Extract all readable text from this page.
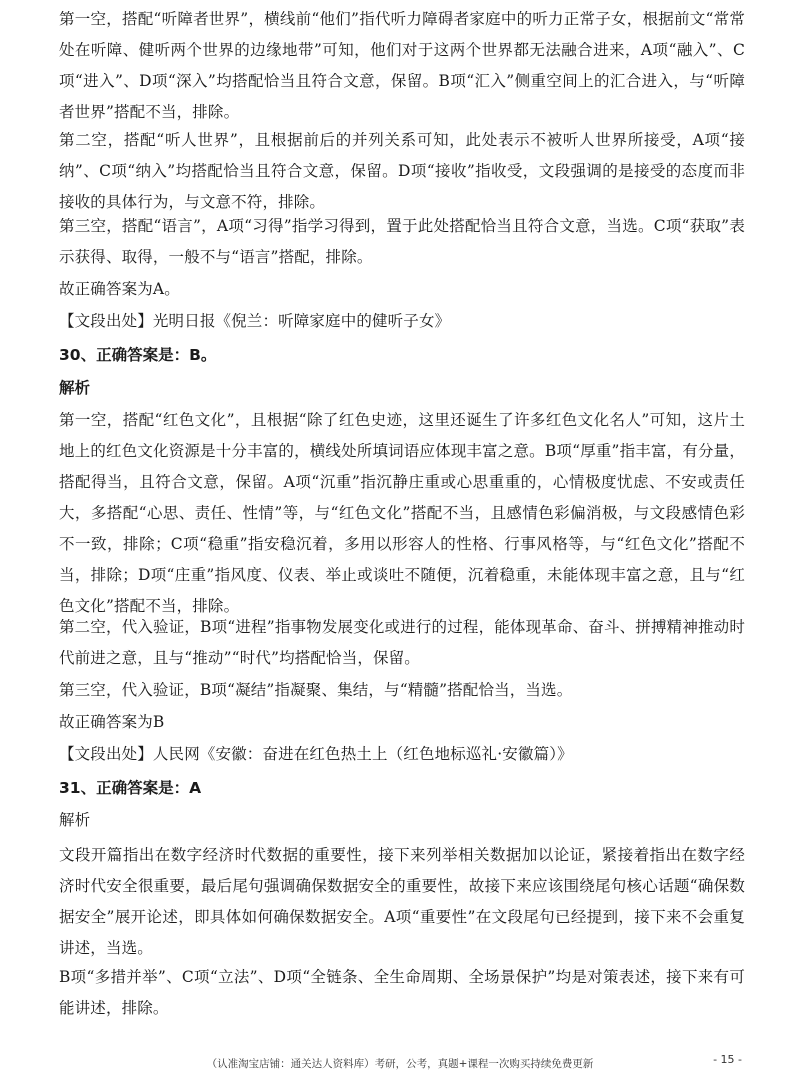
第一空，搭配“听障者世界”，横线前“他们”指代听力障碍者家庭中的听力正常子女，根据前文“常常处在听障、健听两个世界的边缘地带”可知，他们对于这两个世界都无法融合进来，A项“融入”、C项“进入”、D项“深入”均搭配恰当且符合文意，保留。B项“汇入”侧重空间上的汇合进入，与“听障者世界”搭配不当，排除。

第二空，搭配“听人世界”，且根据前后的并列关系可知，此处表示不被听人世界所接受，A项“接纳”、C项“纳入”均搭配恰当且符合文意，保留。D项“接收”指收受，文段强调的是接受的态度而非接收的具体行为，与文意不符，排除。

第三空，搭配“语言”，A项“习得”指学习得到，置于此处搭配恰当且符合文意，当选。C项“获取”表示获得、取得，一般不与“语言”搭配，排除。

故正确答案为A。

【文段出处】光明日报《倪兰：听障家庭中的健听子女》

30、正确答案是：B。

解析

第一空，搭配“红色文化”，且根据“除了红色史迹，这里还诞生了许多红色文化名人”可知，这片土地上的红色文化资源是十分丰富的，横线处所填词语应体现丰富之意。B项“厚重”指丰富，有分量，搭配得当，且符合文意，保留。A项“沉重”指沉静庄重或心思重重的，心情极度忧虑、不安或责任大，多搭配“心思、责任、性情”等，与“红色文化”搭配不当，且感情色彩偏消极，与文段感情色彩不一致，排除；C项“稳重”指安稳沉着，多用以形容人的性格、行事风格等，与“红色文化”搭配不当，排除；D项“庄重”指风度、仪表、举止或谈吐不随便，沉着稳重，未能体现丰富之意，且与“红色文化”搭配不当，排除。

第二空，代入验证，B项“进程”指事物发展变化或进行的过程，能体现革命、奋斗、拼搏精神推动时代前进之意，且与“推动”“时代”均搭配恰当，保留。

第三空，代入验证，B项“凝结”指凝聚、集结，与“精髓”搭配恰当，当选。

故正确答案为B

【文段出处】人民网《安徽：奋进在红色热土上（红色地标巡礼·安徽篇）》

31、正确答案是：A

解析

文段开篇指出在数字经济时代数据的重要性，接下来列举相关数据加以论证，紧接着指出在数字经济时代安全很重要，最后尾句强调确保数据安全的重要性，故接下来应该围绕尾句核心话题“确保数据安全”展开论述，即具体如何确保数据安全。A项“重要性”在文段尾句已经提到，接下来不会重复讲述，当选。

B项“多措并举”、C项“立法”、D项“全链条、全生命周期、全场景保护”均是对策表述，接下来有可能讲述，排除。

（认准淘宝店铺：通关达人资料库）考研，公考，真题+课程一次购买持续免费更新	- 15 -
